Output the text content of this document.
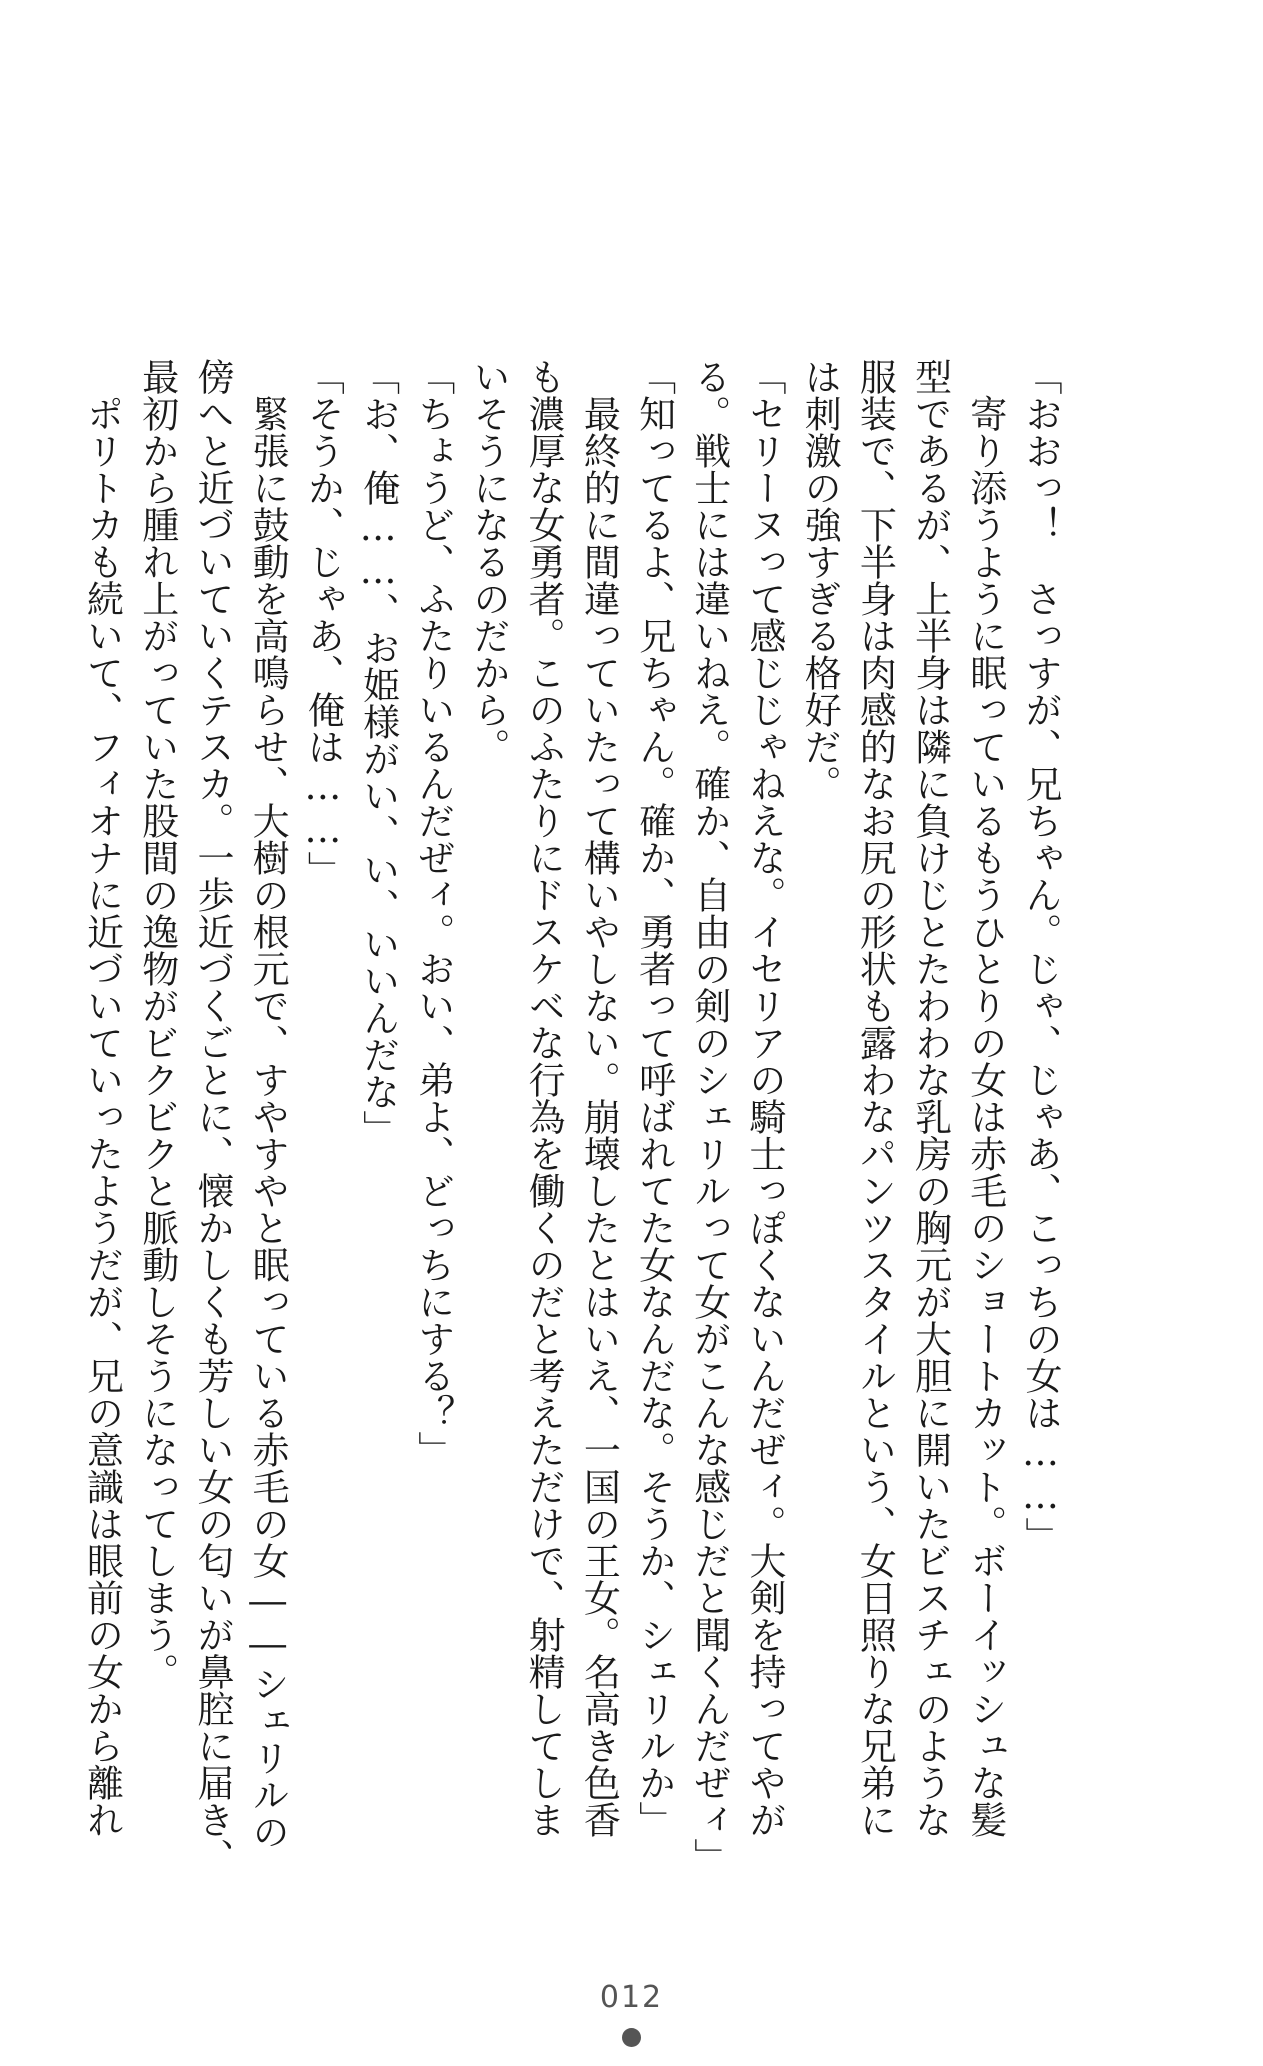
「おおっ！　さっすが、兄ちゃん。じゃ、じゃあ、こっちの女は……」
　寄り添うように眠っているもうひとりの女は赤毛のショートカット。ボーイッシュな髪
型であるが、上半身は隣に負けじとたわわな乳房の胸元が大胆に開いたビスチェのような
服装で、下半身は肉感的なお尻の形状も露わなパンツスタイルという、女日照りな兄弟に
は刺激の強すぎる格好だ。
「セリーヌって感じじゃねえな。イセリアの騎士っぽくないんだぜィ。大剣を持ってやが
る。戦士には違いねえ。確か、自由の剣のシェリルって女がこんな感じだと聞くんだぜィ」
「知ってるよ、兄ちゃん。確か、勇者って呼ばれてた女なんだな。そうか、シェリルか」
　最終的に間違っていたって構いやしない。崩壊したとはいえ、一国の王女。名高き色香
も濃厚な女勇者。このふたりにドスケベな行為を働くのだと考えただけで、射精してしま
いそうになるのだから。
「ちょうど、ふたりいるんだぜィ。おい、弟よ、どっちにする？」
「お、俺……、お姫様がい、い、いいんだな」
「そうか、じゃあ、俺は……」
　緊張に鼓動を高鳴らせ、大樹の根元で、すやすやと眠っている赤毛の女――シェリルの
傍へと近づいていくテスカ。一歩近づくごとに、懐かしくも芳しい女の匂いが鼻腔に届き、
最初から腫れ上がっていた股間の逸物がビクビクと脈動しそうになってしまう。
　ポリトカも続いて、フィオナに近づいていったようだが、兄の意識は眼前の女から離れ
012
